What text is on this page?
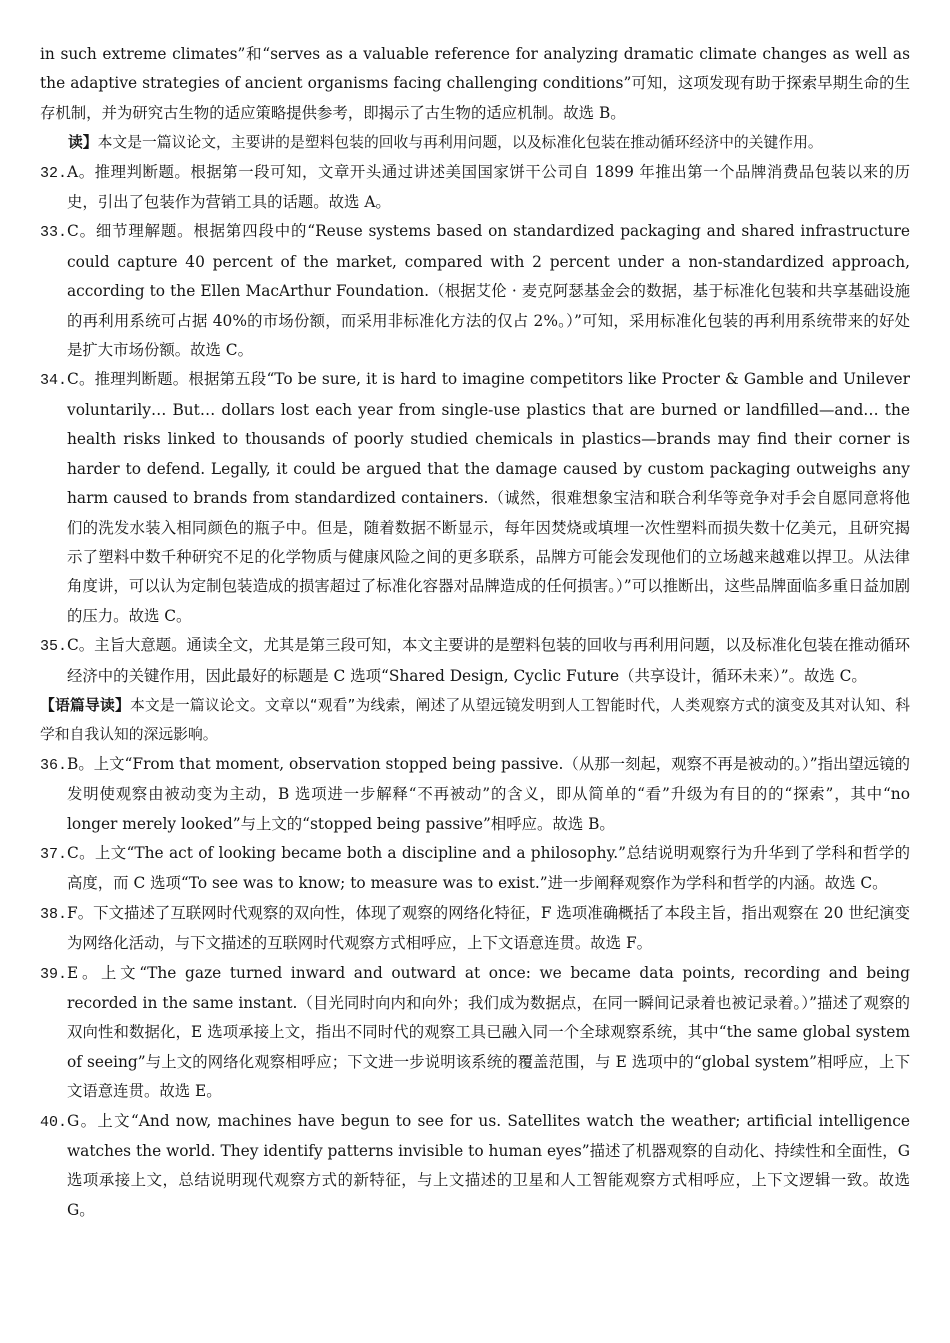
in such extreme climates”和“serves as a valuable reference for analyzing dramatic climate changes as well as the adaptive strategies of ancient organisms facing challenging conditions”可知，这项发现有助于探索早期生命的生存机制，并为研究古生物的适应策略提供参考，即揭示了古生物的适应机制。故选 B。

读】本文是一篇议论文，主要讲的是塑料包装的回收与再利用问题，以及标准化包装在推动循环经济中的关键作用。

32.A。推理判断题。根据第一段可知，文章开头通过讲述美国国家饼干公司自 1899 年推出第一个品牌消费品包装以来的历史，引出了包装作为营销工具的话题。故选 A。

33.C。细节理解题。根据第四段中的“Reuse systems based on standardized packaging and shared infrastructure could capture 40 percent of the market, compared with 2 percent under a non-standardized approach, according to the Ellen MacArthur Foundation.（根据艾伦 · 麦克阿瑟基金会的数据，基于标准化包装和共享基础设施的再利用系统可占据 40%的市场份额，而采用非标准化方法的仅占 2%。）”可知，采用标准化包装的再利用系统带来的好处是扩大市场份额。故选 C。

34.C。推理判断题。根据第五段“To be sure, it is hard to imagine competitors like Procter & Gamble and Unilever voluntarily… But… dollars lost each year from single-use plastics that are burned or landfilled—and… the health risks linked to thousands of poorly studied chemicals in plastics—brands may find their corner is harder to defend. Legally, it could be argued that the damage caused by custom packaging outweighs any harm caused to brands from standardized containers.（诚然，很难想象宝洁和联合利华等竞争对手会自愿同意将他们的洗发水装入相同颜色的瓶子中。但是，随着数据不断显示，每年因焚烧或填埋一次性塑料而损失数十亿美元，且研究揭示了塑料中数千种研究不足的化学物质与健康风险之间的更多联系，品牌方可能会发现他们的立场越来越难以捍卫。从法律角度讲，可以认为定制包装造成的损害超过了标准化容器对品牌造成的任何损害。）”可以推断出，这些品牌面临多重日益加剧的压力。故选 C。

35.C。主旨大意题。通读全文，尤其是第三段可知，本文主要讲的是塑料包装的回收与再利用问题，以及标准化包装在推动循环经济中的关键作用，因此最好的标题是 C 选项“Shared Design, Cyclic Future（共享设计，循环未来）”。故选 C。

【语篇导读】本文是一篇议论文。文章以“观看”为线索，阐述了从望远镜发明到人工智能时代，人类观察方式的演变及其对认知、科学和自我认知的深远影响。

36.B。上文“From that moment, observation stopped being passive.（从那一刻起，观察不再是被动的。）”指出望远镜的发明使观察由被动变为主动，B 选项进一步解释“不再被动”的含义，即从简单的“看”升级为有目的的“探索”，其中“no longer merely looked”与上文的“stopped being passive”相呼应。故选 B。

37.C。上文“The act of looking became both a discipline and a philosophy.”总结说明观察行为升华到了学科和哲学的高度，而 C 选项“To see was to know; to measure was to exist.”进一步阐释观察作为学科和哲学的内涵。故选 C。

38.F。下文描述了互联网时代观察的双向性，体现了观察的网络化特征，F 选项准确概括了本段主旨，指出观察在 20 世纪演变为网络化活动，与下文描述的互联网时代观察方式相呼应，上下文语意连贯。故选 F。

39.E。上文“The gaze turned inward and outward at once: we became data points, recording and being recorded in the same instant.（目光同时向内和向外；我们成为数据点，在同一瞬间记录着也被记录着。）”描述了观察的双向性和数据化，E 选项承接上文，指出不同时代的观察工具已融入同一个全球观察系统，其中“the same global system of seeing”与上文的网络化观察相呼应；下文进一步说明该系统的覆盖范围，与 E 选项中的“global system”相呼应，上下文语意连贯。故选 E。

40.G。上文“And now, machines have begun to see for us. Satellites watch the weather; artificial intelligence watches the world. They identify patterns invisible to human eyes”描述了机器观察的自动化、持续性和全面性，G 选项承接上文，总结说明现代观察方式的新特征，与上文描述的卫星和人工智能观察方式相呼应，上下文逻辑一致。故选 G。
